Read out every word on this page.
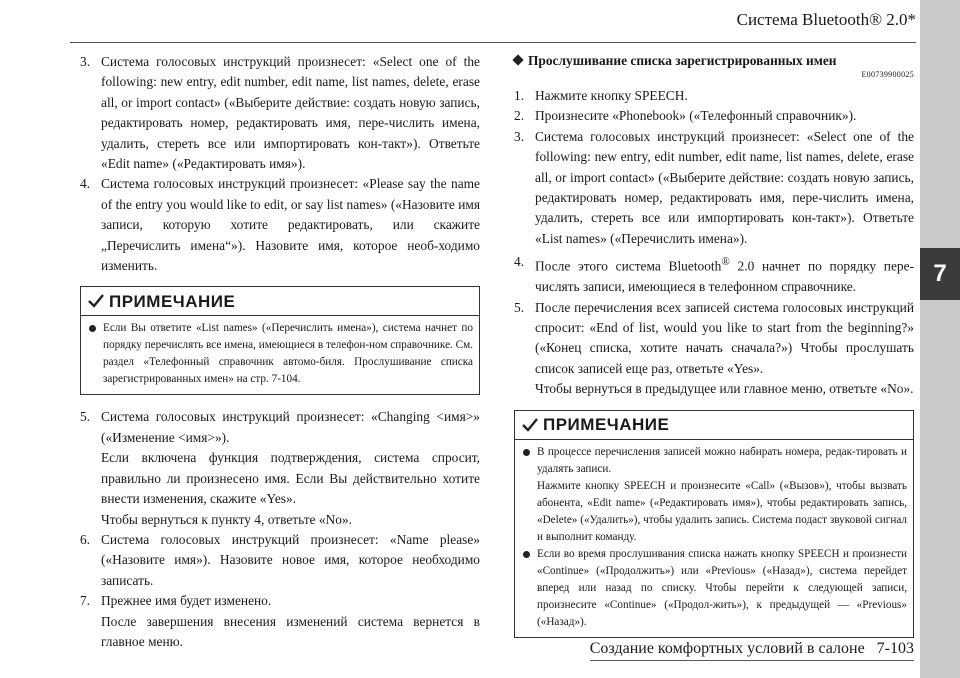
7
Система Bluetooth® 2.0*
3. Система голосовых инструкций произнесет: «Select one of the following: new entry, edit number, edit name, list names, delete, erase all, or import contact» («Выберите действие: создать новую запись, редактировать номер, редактировать имя, пере-числить имена, удалить, стереть все или импортировать кон-такт»). Ответьте «Edit name» («Редактировать имя»).

4. Система голосовых инструкций произнесет: «Please say the name of the entry you would like to edit, or say list names» («Назовите имя записи, которую хотите редактировать, или скажите „Перечислить имена“»). Назовите имя, которое необ-ходимо изменить.

ПРИМЕЧАНИЕ

Если Вы ответите «List names» («Перечислить имена»), система начнет по порядку перечислять все имена, имеющиеся в телефон-ном справочнике. См. раздел «Телефонный справочник автомо-биля. Прослушивание списка зарегистрированных имен» на стр. 7-104.

5. Система голосовых инструкций произнесет: «Changing <имя>» («Изменение <имя>»).

Если включена функция подтверждения, система спросит, правильно ли произнесено имя. Если Вы действительно хотите внести изменения, скажите «Yes».

Чтобы вернуться к пункту 4, ответьте «No».

6. Система голосовых инструкций произнесет: «Name please» («Назовите имя»). Назовите новое имя, которое необходимо записать.

7. Прежнее имя будет изменено.

После завершения внесения изменений система вернется в главное меню.

Прослушивание списка зарегистрированных имен
E00739900025
1. Нажмите кнопку SPEECH.

2. Произнесите «Phonebook» («Телефонный справочник»).

3. Система голосовых инструкций произнесет: «Select one of the following: new entry, edit number, edit name, list names, delete, erase all, or import contact» («Выберите действие: создать новую запись, редактировать номер, редактировать имя, пере-числить имена, удалить, стереть все или импортировать кон-такт»). Ответьте «List names» («Перечислить имена»).

4. После этого система Bluetooth® 2.0 начнет по порядку пере-числять записи, имеющиеся в телефонном справочнике.

5. После перечисления всех записей система голосовых инструкций спросит: «End of list, would you like to start from the beginning?» («Конец списка, хотите начать сначала?») Чтобы прослушать список записей еще раз, ответьте «Yes».

Чтобы вернуться в предыдущее или главное меню, ответьте «No».

ПРИМЕЧАНИЕ

В процессе перечисления записей можно набирать номера, редак-тировать и удалять записи.

Нажмите кнопку SPEECH и произнесите «Call» («Вызов»), чтобы вызвать абонента, «Edit name» («Редактировать имя»), чтобы редактировать запись, «Delete» («Удалить»), чтобы удалить запись. Система подаст звуковой сигнал и выполнит команду.

Если во время прослушивания списка нажать кнопку SPEECH и произнести «Continue» («Продолжить») или «Previous» («Назад»), система перейдет вперед или назад по списку. Чтобы перейти к следующей записи, произнесите «Continue» («Продол-жить»), к предыдущей — «Previous» («Назад»).

Создание комфортных условий в салоне 7-103
